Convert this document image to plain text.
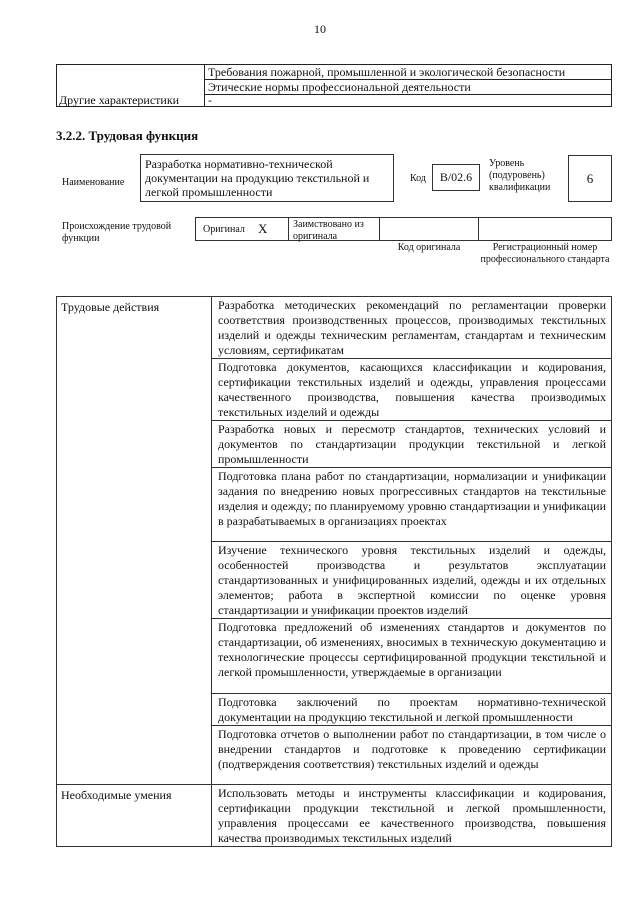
10
Требования пожарной, промышленной и экологической безопасности
Этические нормы профессиональной деятельности
Другие характеристики -
3.2.2. Трудовая функция
Наименование
Разработка нормативно-технической документации на продукцию текстильной и легкой промышленности
Код	B/02.6
Уровень (подуровень) квалификации
6
Происхождение трудовой функции
Оригинал X	Заимствовано из оригинала
Код оригинала	Регистрационный номер профессионального стандарта
Трудовые действия	Разработка методических рекомендаций по регламентации проверки соответствия производственных процессов, производимых текстильных изделий и одежды техническим регламентам, стандартам и техническим условиям, сертификатам
	Подготовка документов, касающихся классификации и кодирования, сертификации текстильных изделий и одежды, управления процессами качественного производства, повышения качества производимых текстильных изделий и одежды
	Разработка новых и пересмотр стандартов, технических условий и документов по стандартизации продукции текстильной и легкой промышленности
	Подготовка плана работ по стандартизации, нормализации и унификации задания по внедрению новых прогрессивных стандартов на текстильные изделия и одежду; по планируемому уровню стандартизации и унификации в разрабатываемых в организациях проектах
	Изучение технического уровня текстильных изделий и одежды, особенностей производства и результатов эксплуатации стандартизованных и унифицированных изделий, одежды и их отдельных элементов; работа в экспертной комиссии по оценке уровня стандартизации и унификации проектов изделий
	Подготовка предложений об изменениях стандартов и документов по стандартизации, об изменениях, вносимых в техническую документацию и технологические процессы сертифицированной продукции текстильной и легкой промышленности, утверждаемые в организации
	Подготовка заключений по проектам нормативно-технической документации на продукцию текстильной и легкой промышленности
	Подготовка отчетов о выполнении работ по стандартизации, в том числе о внедрении стандартов и подготовке к проведению сертификации (подтверждения соответствия) текстильных изделий и одежды
Необходимые умения	Использовать методы и инструменты классификации и кодирования, сертификации продукции текстильной и легкой промышленности, управления процессами ее качественного производства, повышения качества производимых текстильных изделий
